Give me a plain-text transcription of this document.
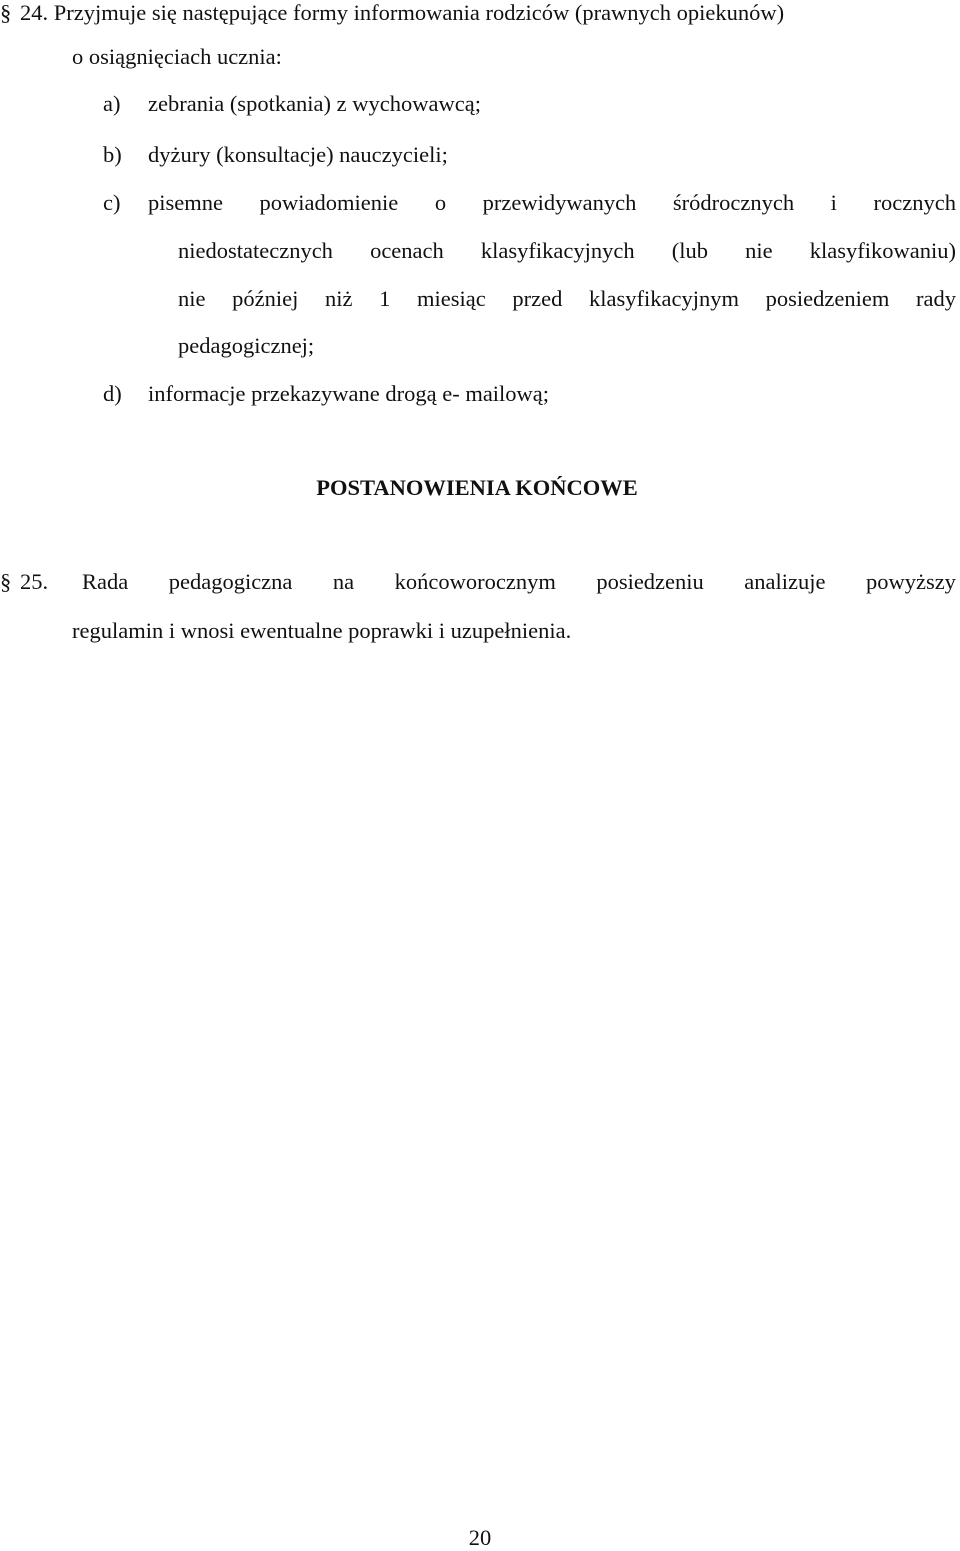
§ 24. Przyjmuje się następujące formy informowania rodziców (prawnych opiekunów)
o osiągnięciach ucznia:
a) zebrania (spotkania) z wychowawcą;
b) dyżury (konsultacje) nauczycieli;
c) pisemne powiadomienie o przewidywanych śródrocznych i rocznych
niedostatecznych ocenach klasyfikacyjnych (lub nie klasyfikowaniu)
nie później niż 1 miesiąc przed klasyfikacyjnym posiedzeniem rady
pedagogicznej;
d) informacje przekazywane drogą e- mailową;
POSTANOWIENIA KOŃCOWE
§ 25. Rada pedagogiczna na końcoworocznym posiedzeniu analizuje powyższy
regulamin i wnosi ewentualne poprawki i uzupełnienia.
20
